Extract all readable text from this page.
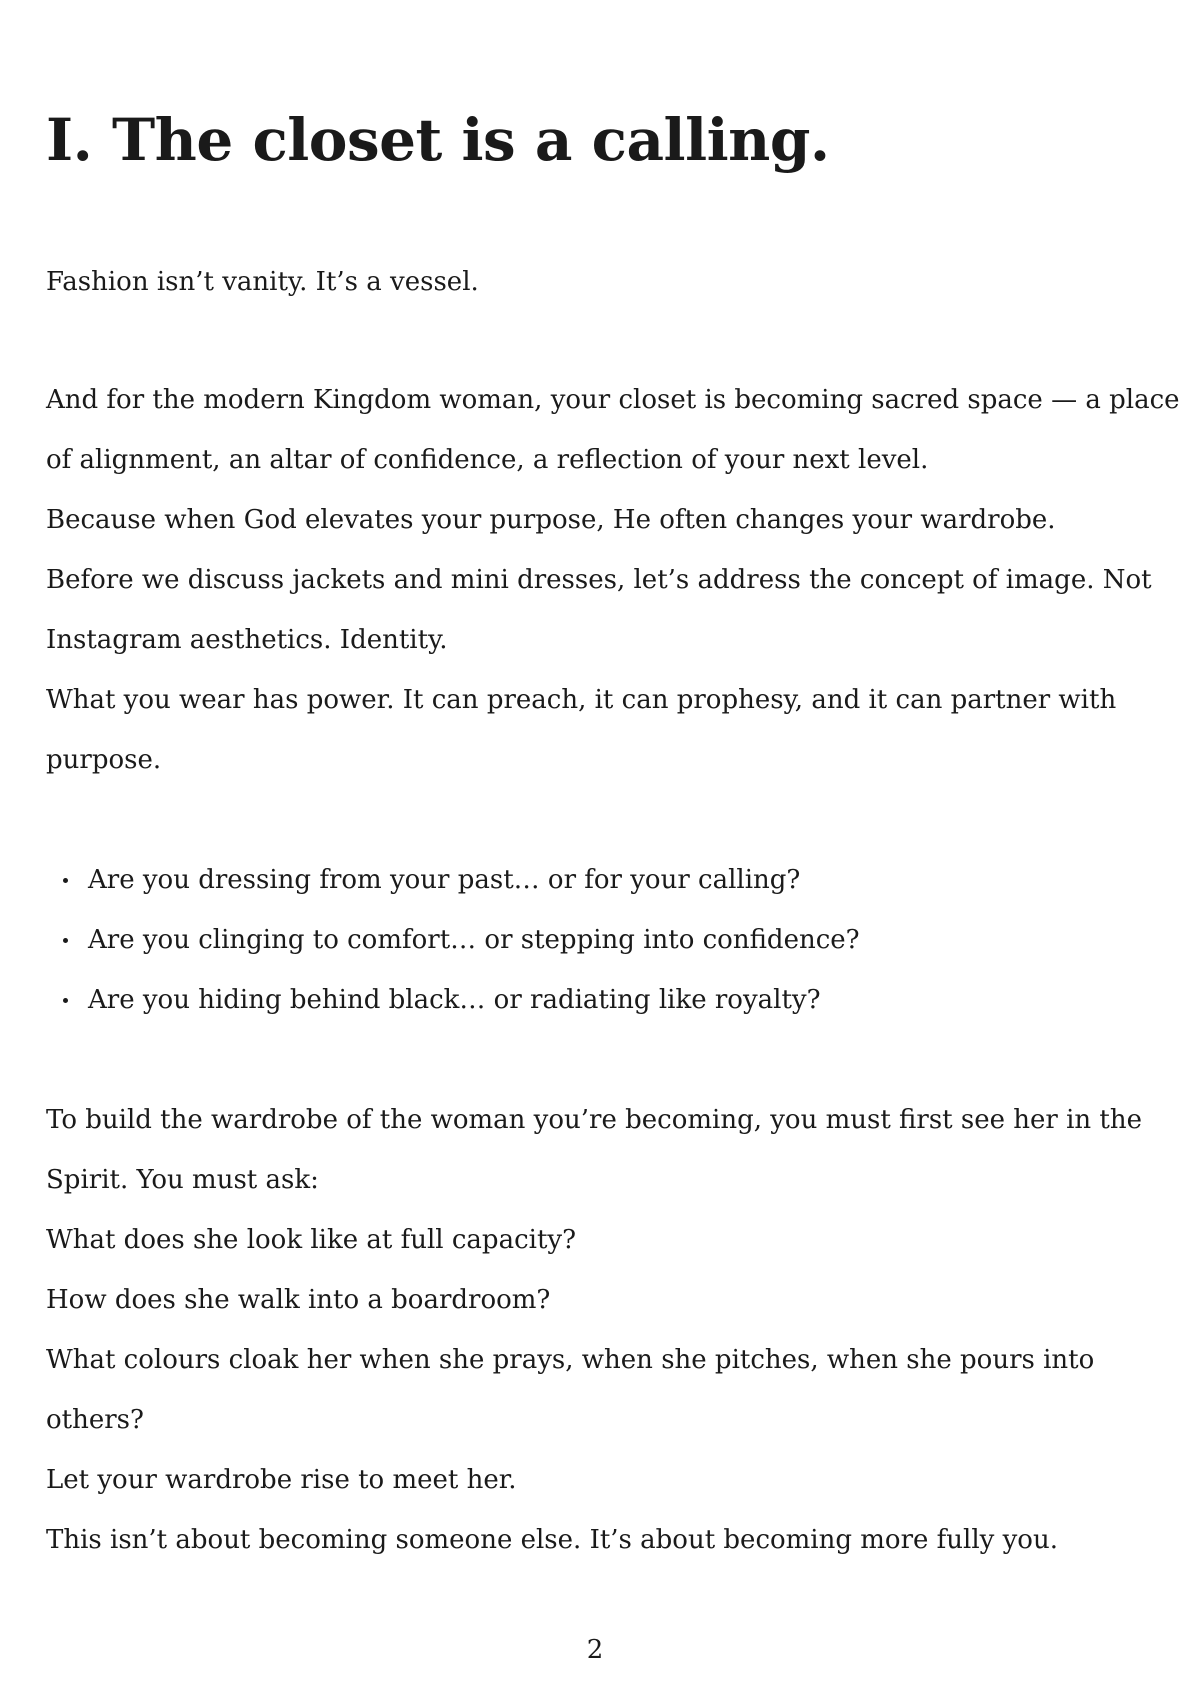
I. The closet is a calling.

Fashion isn’t vanity. It’s a vessel.

And for the modern Kingdom woman, your closet is becoming sacred space — a place

of alignment, an altar of confidence, a reflection of your next level.

Because when God elevates your purpose, He often changes your wardrobe.

Before we discuss jackets and mini dresses, let’s address the concept of image. Not

Instagram aesthetics. Identity.

What you wear has power. It can preach, it can prophesy, and it can partner with

purpose.

Are you dressing from your past… or for your calling?
Are you clinging to comfort… or stepping into confidence?
Are you hiding behind black… or radiating like royalty?

To build the wardrobe of the woman you’re becoming, you must first see her in the

Spirit. You must ask:

What does she look like at full capacity?

How does she walk into a boardroom?

What colours cloak her when she prays, when she pitches, when she pours into

others?

Let your wardrobe rise to meet her.

This isn’t about becoming someone else. It’s about becoming more fully you.

2
